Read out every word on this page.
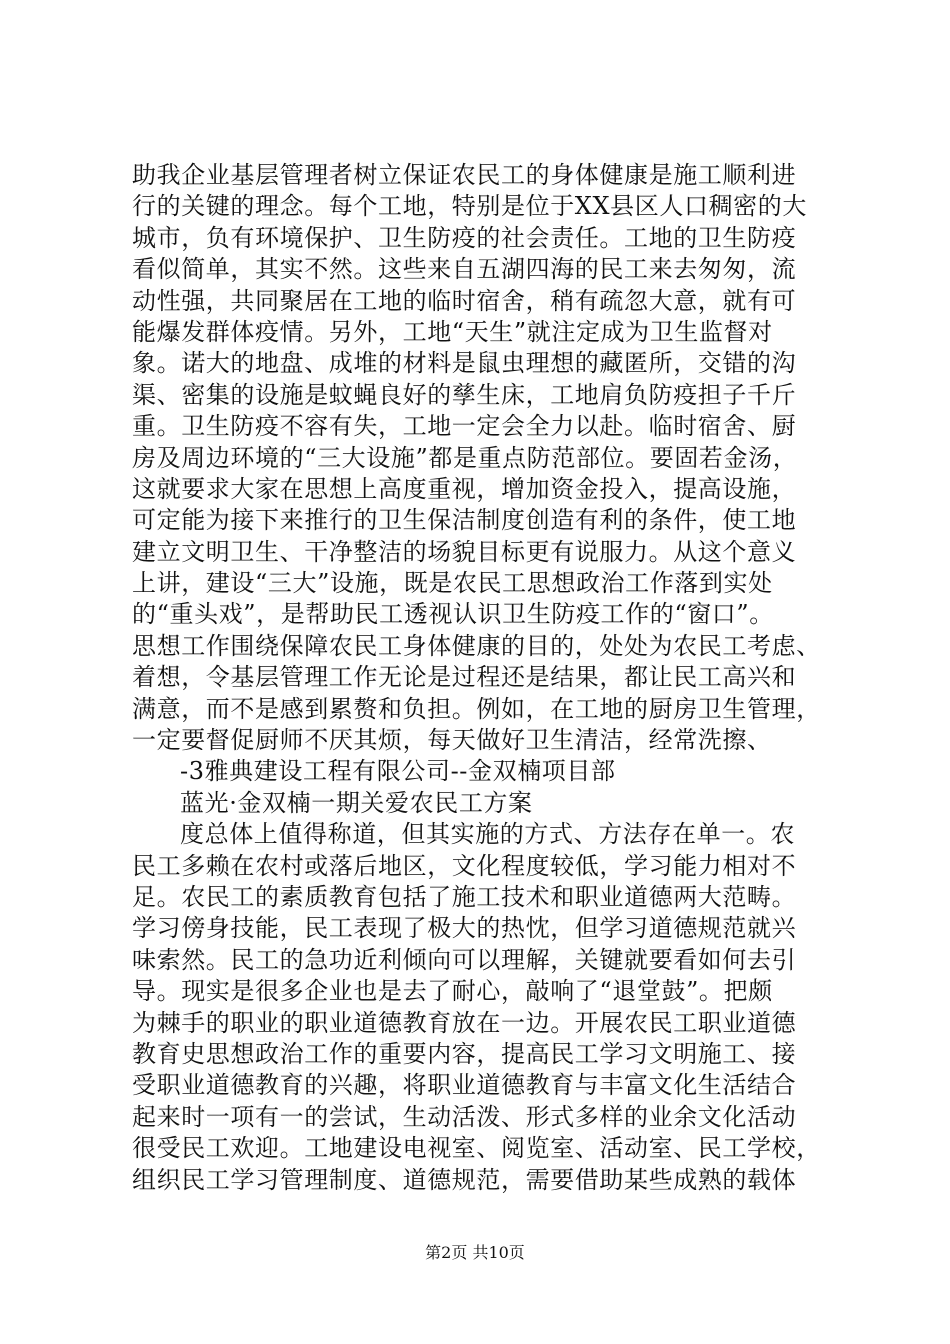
助我企业基层管理者树立保证农民工的身体健康是施工顺利进
行的关键的理念。每个工地，特别是位于XX县区人口稠密的大
城市，负有环境保护、卫生防疫的社会责任。工地的卫生防疫
看似简单，其实不然。这些来自五湖四海的民工来去匆匆，流
动性强，共同聚居在工地的临时宿舍，稍有疏忽大意，就有可
能爆发群体疫情。另外，工地“天生”就注定成为卫生监督对
象。诺大的地盘、成堆的材料是鼠虫理想的藏匿所，交错的沟
渠、密集的设施是蚊蝇良好的孳生床，工地肩负防疫担子千斤
重。卫生防疫不容有失，工地一定会全力以赴。临时宿舍、厨
房及周边环境的“三大设施”都是重点防范部位。要固若金汤，
这就要求大家在思想上高度重视，增加资金投入，提高设施，
可定能为接下来推行的卫生保洁制度创造有利的条件，使工地
建立文明卫生、干净整洁的场貌目标更有说服力。从这个意义
上讲，建设“三大”设施，既是农民工思想政治工作落到实处
的“重头戏”，是帮助民工透视认识卫生防疫工作的“窗口”。
思想工作围绕保障农民工身体健康的目的，处处为农民工考虑、
着想，令基层管理工作无论是过程还是结果，都让民工高兴和
满意，而不是感到累赘和负担。例如，在工地的厨房卫生管理，
一定要督促厨师不厌其烦，每天做好卫生清洁，经常洗擦、
-3雅典建设工程有限公司--金双楠项目部
蓝光·金双楠一期关爱农民工方案
度总体上值得称道，但其实施的方式、方法存在单一。农
民工多赖在农村或落后地区，文化程度较低，学习能力相对不
足。农民工的素质教育包括了施工技术和职业道德两大范畴。
学习傍身技能，民工表现了极大的热忱，但学习道德规范就兴
味索然。民工的急功近利倾向可以理解，关键就要看如何去引
导。现实是很多企业也是去了耐心，敲响了“退堂鼓”。把颇
为棘手的职业的职业道德教育放在一边。开展农民工职业道德
教育史思想政治工作的重要内容，提高民工学习文明施工、接
受职业道德教育的兴趣，将职业道德教育与丰富文化生活结合
起来时一项有一的尝试，生动活泼、形式多样的业余文化活动
很受民工欢迎。工地建设电视室、阅览室、活动室、民工学校，
组织民工学习管理制度、道德规范，需要借助某些成熟的载体
第2页 共10页
